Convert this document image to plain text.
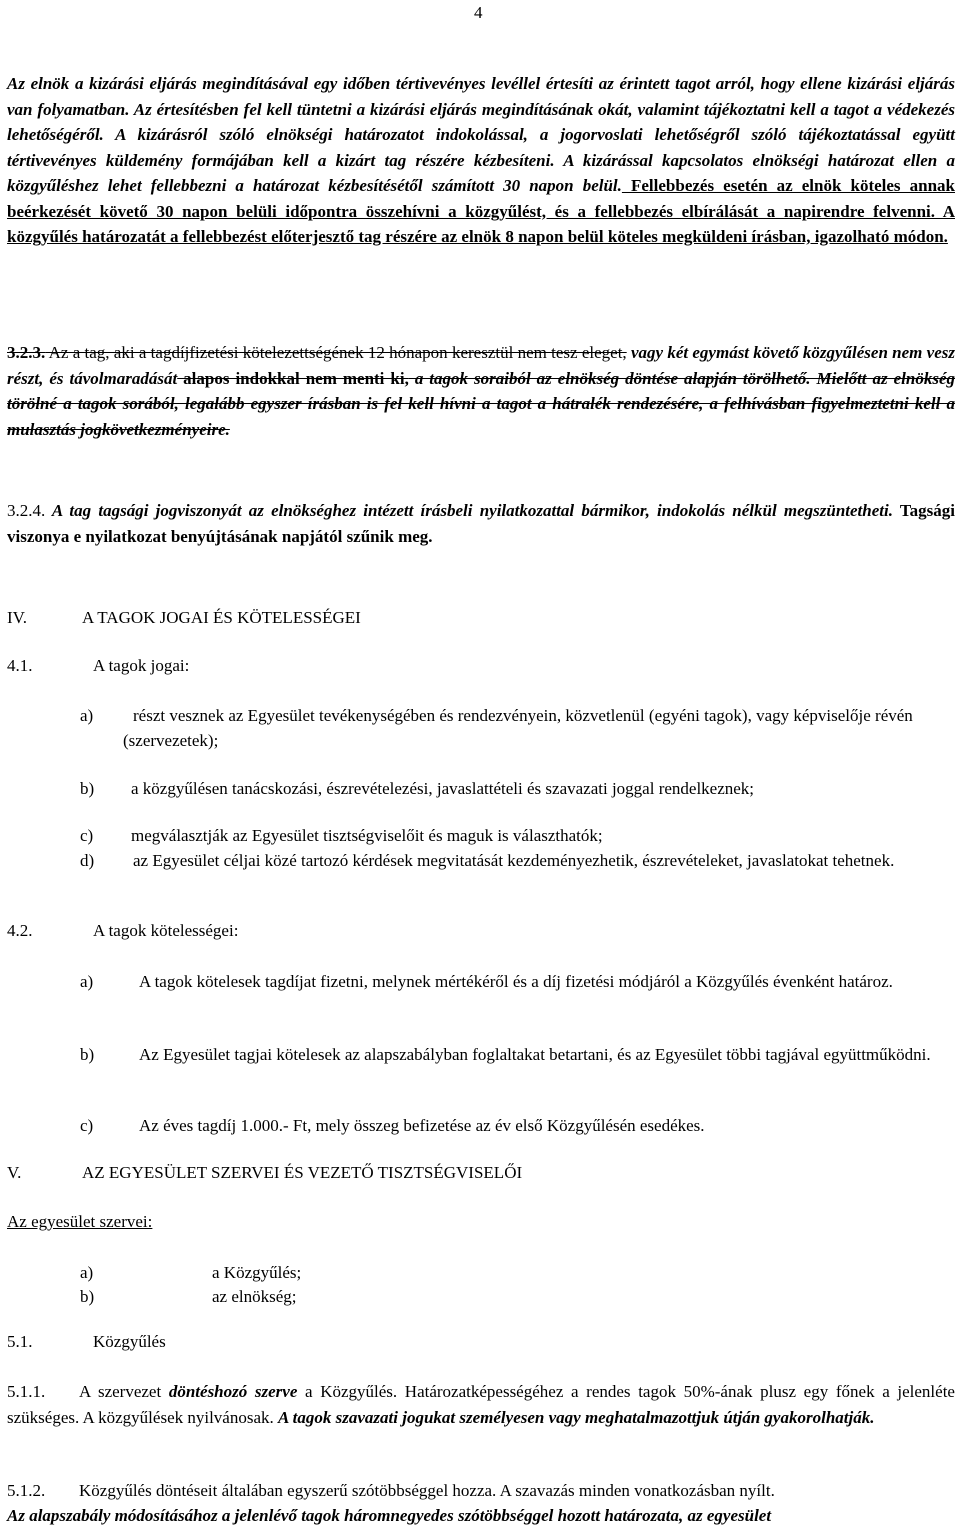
4
Az elnök a kizárási eljárás megindításával egy időben tértivevényes levéllel értesíti az érintett tagot arról, hogy ellene kizárási eljárás van folyamatban. Az értesítésben fel kell tüntetni a kizárási eljárás megindításának okát, valamint tájékoztatni kell a tagot a védekezés lehetőségéről. A kizárásról szóló elnökségi határozatot indokolással, a jogorvoslati lehetőségről szóló tájékoztatással együtt tértivevényes küldemény formájában kell a kizárt tag részére kézbesíteni. A kizárással kapcsolatos elnökségi határozat ellen a közgyűléshez lehet fellebbezni a határozat kézbesítésétől számított 30 napon belül. Fellebbezés esetén az elnök köteles annak beérkezését követő 30 napon belüli időpontra összehívni a közgyűlést, és a fellebbezés elbírálását a napirendre felvenni. A közgyűlés határozatát a fellebbezést előterjesztő tag részére az elnök 8 napon belül köteles megküldeni írásban, igazolható módon.
3.2.3. Az a tag, aki a tagdíjfizetési kötelezettségének 12 hónapon keresztül nem tesz eleget, vagy két egymást követő közgyűlésen nem vesz részt, és távolmaradását alapos indokkal nem menti ki, a tagok soraiból az elnökség döntése alapján törölhető. Mielőtt az elnökség törölné a tagok sorából, legalább egyszer írásban is fel kell hívni a tagot a hátralék rendezésére, a felhívásban figyelmeztetni kell a mulasztás jogkövetkezményeire.
3.2.4. A tag tagsági jogviszonyát az elnökséghez intézett írásbeli nyilatkozattal bármikor, indokolás nélkül megszüntetheti. Tagsági viszonya e nyilatkozat benyújtásának napjától szűnik meg.
IV.	A TAGOK JOGAI ÉS KÖTELESSÉGEI
4.1.	A tagok jogai:
a)	részt vesznek az Egyesület tevékenységében és rendezvényein, közvetlenül (egyéni tagok), vagy képviselője révén (szervezetek);
b) a közgyűlésen tanácskozási, észrevételezési, javaslattételi és szavazati joggal rendelkeznek;
c) megválasztják az Egyesület tisztségviselőit és maguk is választhatók;
d)	az Egyesület céljai közé tartozó kérdések megvitatását kezdeményezhetik, észrevételeket, javaslatokat tehetnek.
4.2.	A tagok kötelességei:
a)	A tagok kötelesek tagdíjat fizetni, melynek mértékéről és a díj fizetési módjáról a Közgyűlés évenként határoz.
b)	Az Egyesület tagjai kötelesek az alapszabályban foglaltakat betartani, és az Egyesület többi tagjával együttműködni.
c)	Az éves tagdíj 1.000.- Ft, mely összeg befizetése az év első Közgyűlésén esedékes.
V.	AZ EGYESÜLET SZERVEI ÉS VEZETŐ TISZTSÉGVISELŐI
Az egyesület szervei:
a)	a Közgyűlés;
b)	az elnökség;
5.1.	Közgyűlés
5.1.1. A szervezet döntéshozó szerve a Közgyűlés. Határozatképességéhez a rendes tagok 50%-ának plusz egy főnek a jelenléte szükséges. A közgyűlések nyilvánosak. A tagok szavazati jogukat személyesen vagy meghatalmazottjuk útján gyakorolhatják.
5.1.2. Közgyűlés döntéseit általában egyszerű szótöbbséggel hozza. A szavazás minden vonatkozásban nyílt.
Az alapszabály módosításához a jelenlévő tagok háromnegyedes szótöbbséggel hozott határozata, az egyesület
